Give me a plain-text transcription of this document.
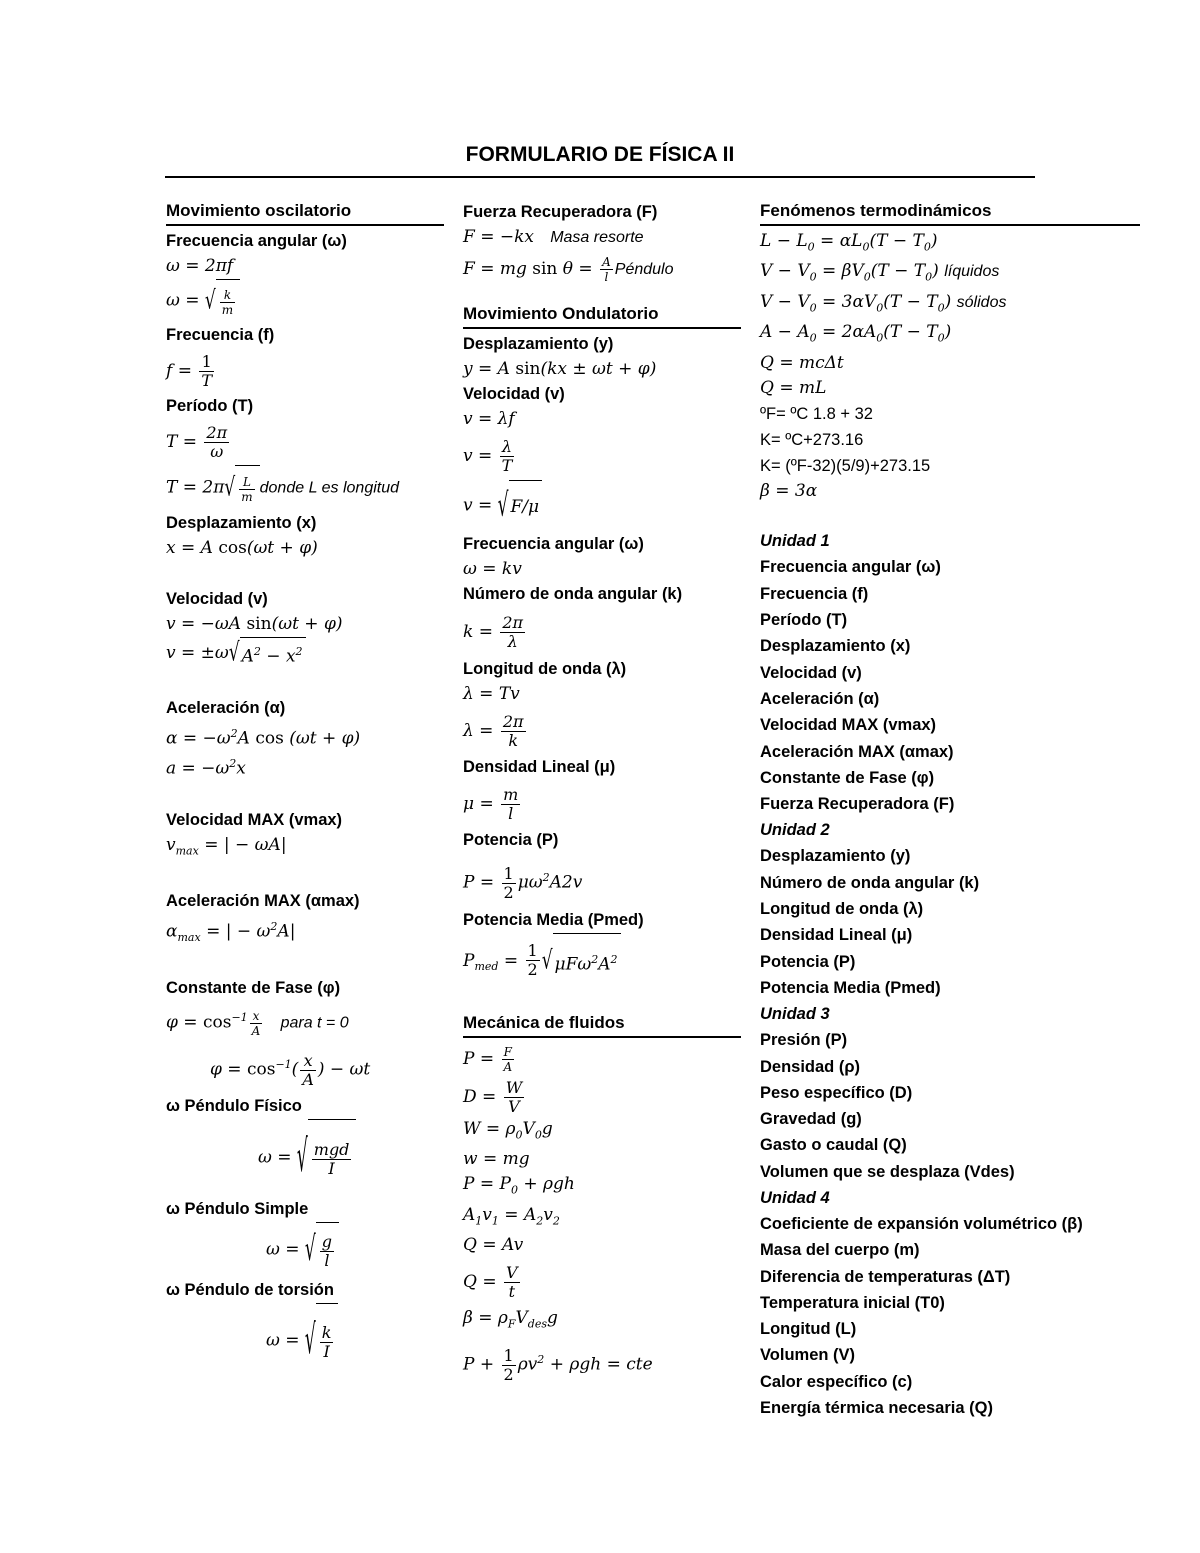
FORMULARIO DE FÍSICA II
Movimiento oscilatorio
Frecuencia angular (ω)
ω = 2πf
ω = √ $\frac{k}{m}$
Frecuencia (f)
$f = \frac{1}{T}$
Período (T)
$T = \frac{2\pi}{\omega}$
$T = 2\pi√ \frac{L}{m}$ donde L es longitud
Desplazamiento (x)
x = A cos(ωt + φ)
Velocidad (v)
v = −ωA sin(ωt + φ)
v = ±ω√ $A^2 - x^2$
Aceleración (α)
$\alpha = -\omega^2A$ cos (ωt + φ)
$a = -\omega^2x$
Velocidad MAX (vmax)
$v_{max}$ = | − ωA|
Aceleración MAX (αmax)
$\alpha_{max}$ = | − $\omega^2A|$
Constante de Fase (φ)
$\varphi = \cos^{-1} \frac{x}{A}$ para t = 0
$\varphi = \cos^{-1}( \frac{x}{A}$ ) − ωt
ω Péndulo Físico
ω = √ $\frac{\text{mgd}}{I}$
ω Péndulo Simple
ω = √ $\frac{g}{l}$
ω Péndulo de torsión
ω = √ $\frac{k}{I}$
Fuerza Recuperadora (F)
F = −kx   Masa resorte
F = mg $\sin \theta = \frac{A}{l}$ Péndulo
Movimiento Ondulatorio
Desplazamiento (y)
y = A sin(kx ± ωt + φ)
Velocidad (v)
v = λf
$v = \frac{\lambda}{T}$
v = √ F/μ
Frecuencia angular (ω)
ω = kv
Número de onda angular (k)
$k = \frac{2\pi}{\lambda}$
Longitud de onda (λ)
λ = Tv
$\lambda = \frac{2\pi}{k}$
Densidad Lineal (μ)
$\mu = \frac{m}{l}$
Potencia (P)
$P = \frac{1}{2} \mu\omega^2A2v$
Potencia Media (Pmed)
$P_{med} = \frac{1}{2}$ √ $\mu F\omega^2A^2$
Mecánica de fluidos
$P = \frac{F}{A}$
$D = \frac{W}{V}$
$W = \rho_0V_0g$
w = mg
$P = P_0 + \rho gh$
$A_1v_1 = A_2v_2$
Q = Av
$Q = \frac{V}{t}$
$\beta = \rho_FV_{des}g$
$P + \frac{1}{2} \rho v^2 + \rho gh$ = cte
Fenómenos termodinámicos
$L - L_0 = \alpha L_0(T - T_0)$
$V - V_0 = \beta V_0(T - T_0)$ líquidos
$V - V_0 = 3\alpha V_0(T - T_0)$ sólidos
$A - A_0 = 2\alpha A_0(T - T_0)$
Q = mcΔt
Q = mL
ºF= ºC 1.8 + 32
K= ºC+273.16
K= (ºF-32)(5/9)+273.15
β = 3α
Unidad 1
Frecuencia angular (ω)
Frecuencia (f)
Período (T)
Desplazamiento (x)
Velocidad (v)
Aceleración (α)
Velocidad MAX (vmax)
Aceleración MAX (αmax)
Constante de Fase (φ)
Fuerza Recuperadora (F)
Unidad 2
Desplazamiento (y)
Número de onda angular (k)
Longitud de onda (λ)
Densidad Lineal (μ)
Potencia (P)
Potencia Media (Pmed)
Unidad 3
Presión (P)
Densidad (ρ)
Peso específico (D)
Gravedad (g)
Gasto o caudal (Q)
Volumen que se desplaza (Vdes)
Unidad 4
Coeficiente de expansión volumétrico (β)
Masa del cuerpo (m)
Diferencia de temperaturas (ΔT)
Temperatura inicial (T0)
Longitud (L)
Volumen (V)
Calor específico (c)
Energía térmica necesaria (Q)
